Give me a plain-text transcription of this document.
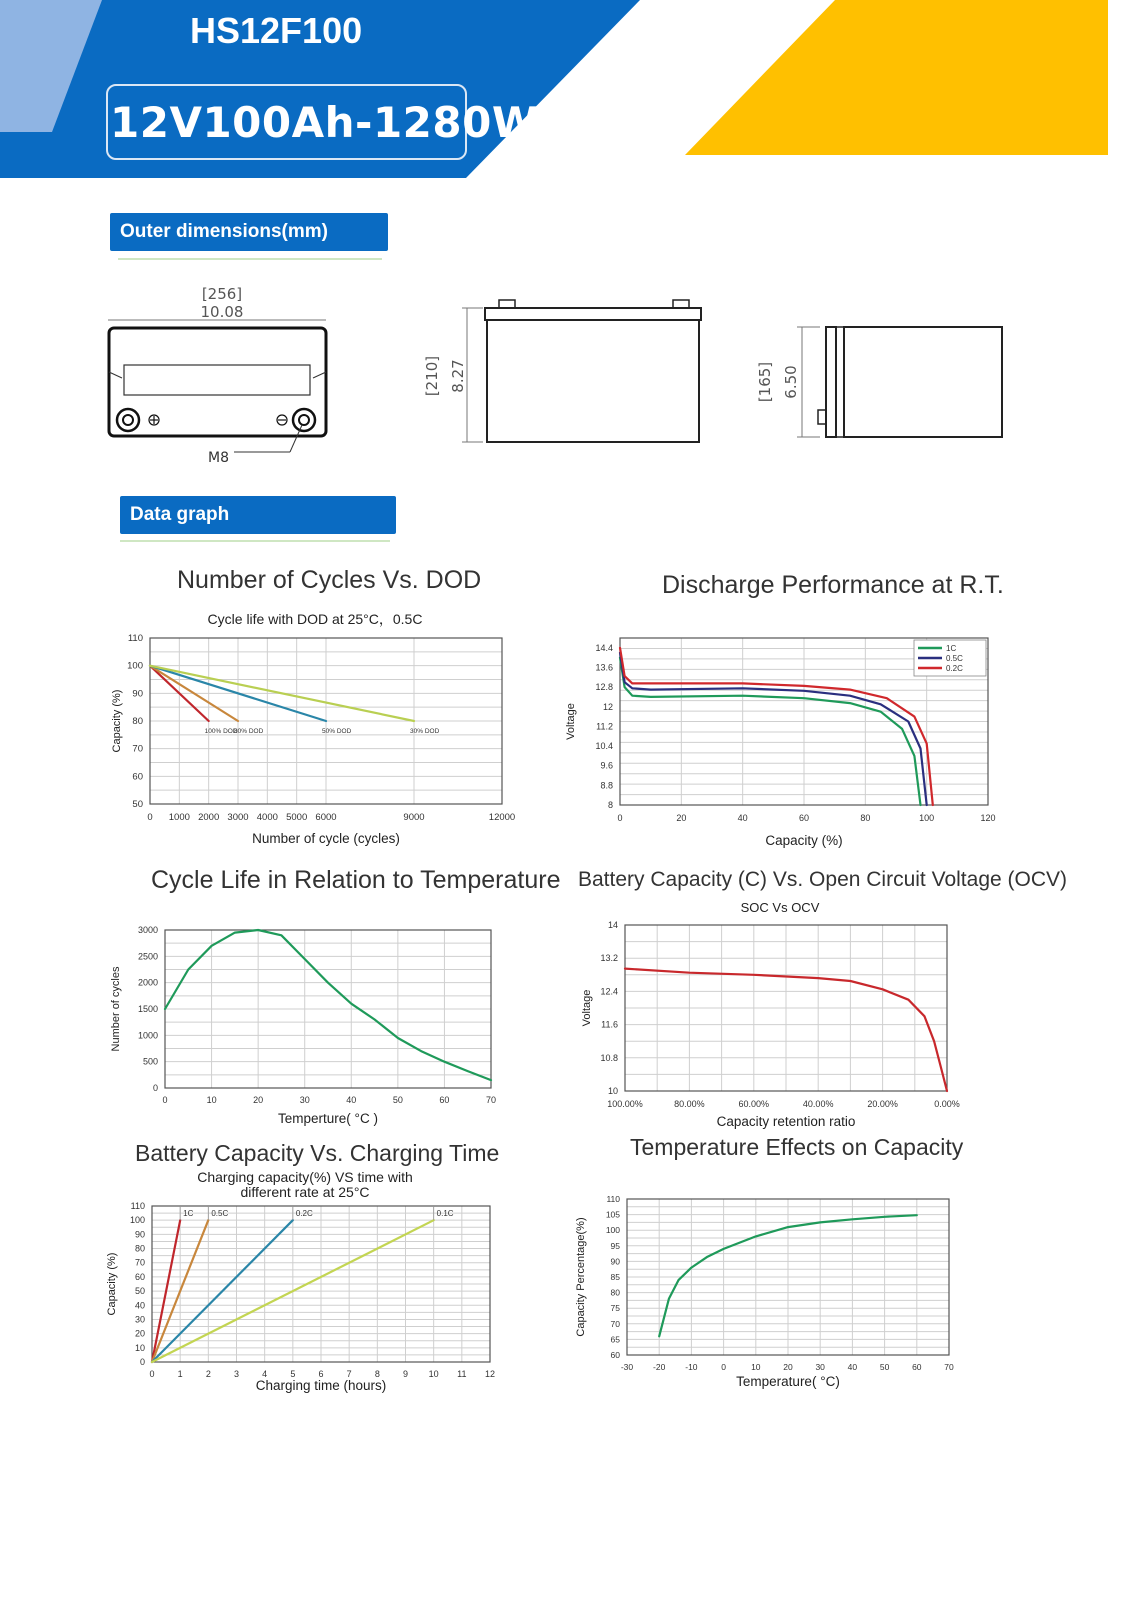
HS12F100
12V100Ah-1280Wh
Outer dimensions(mm)
[256]
10.08
M8
[210] 8.27	[165] 6.50
Data graph
Number of Cycles Vs. DOD
Cycle life with DOD at 25°C，0.5C
Discharge Performance at R.T.
Cycle Life in Relation to Temperature Battery Capacity (C) Vs. Open Circuit Voltage (OCV)
SOC Vs OCV
Battery Capacity Vs. Charging Time
Charging capacity(%) VS time with different rate at 25°C
Temperature Effects on Capacity
0 1000 2000 3000 4000 5000 6000	9000	12000
50
60
70
80
90
100
110
Number of cycle (cycles)
Capacity (%)	100% DOD
80% DOD	50% DOD	30% DOD
0	20	40	60	80	100	120
8
8.8
9.6
10.4
11.2
12
12.8
13.6
14.4
Capacity (%)
Voltage
1C
0.5C
0.2C
0	10	20	30	40	50	60	70
0
500
1000
1500
2000
2500
3000
Temperture( °C )
Number of cycles
100.00%	80.00%	60.00%	40.00%	20.00%	0.00%
10
10.8
11.6
12.4
13.2
14
Capacity retention ratio
Voltage
0	1	2	3	4	5	6	7	8	9 10 11 12
0
10
20
30
40
50
60
70
80
90
100
110
Charging time (hours)
Capacity (%)
1C 0.5C	0.2C	0.1C
-30 -20 -10	0	10	20	30	40	50	60	70
60
65
70
75
80
85
90
95
100
105
110
Temperature( °C)
Capacity Percentage(%)
